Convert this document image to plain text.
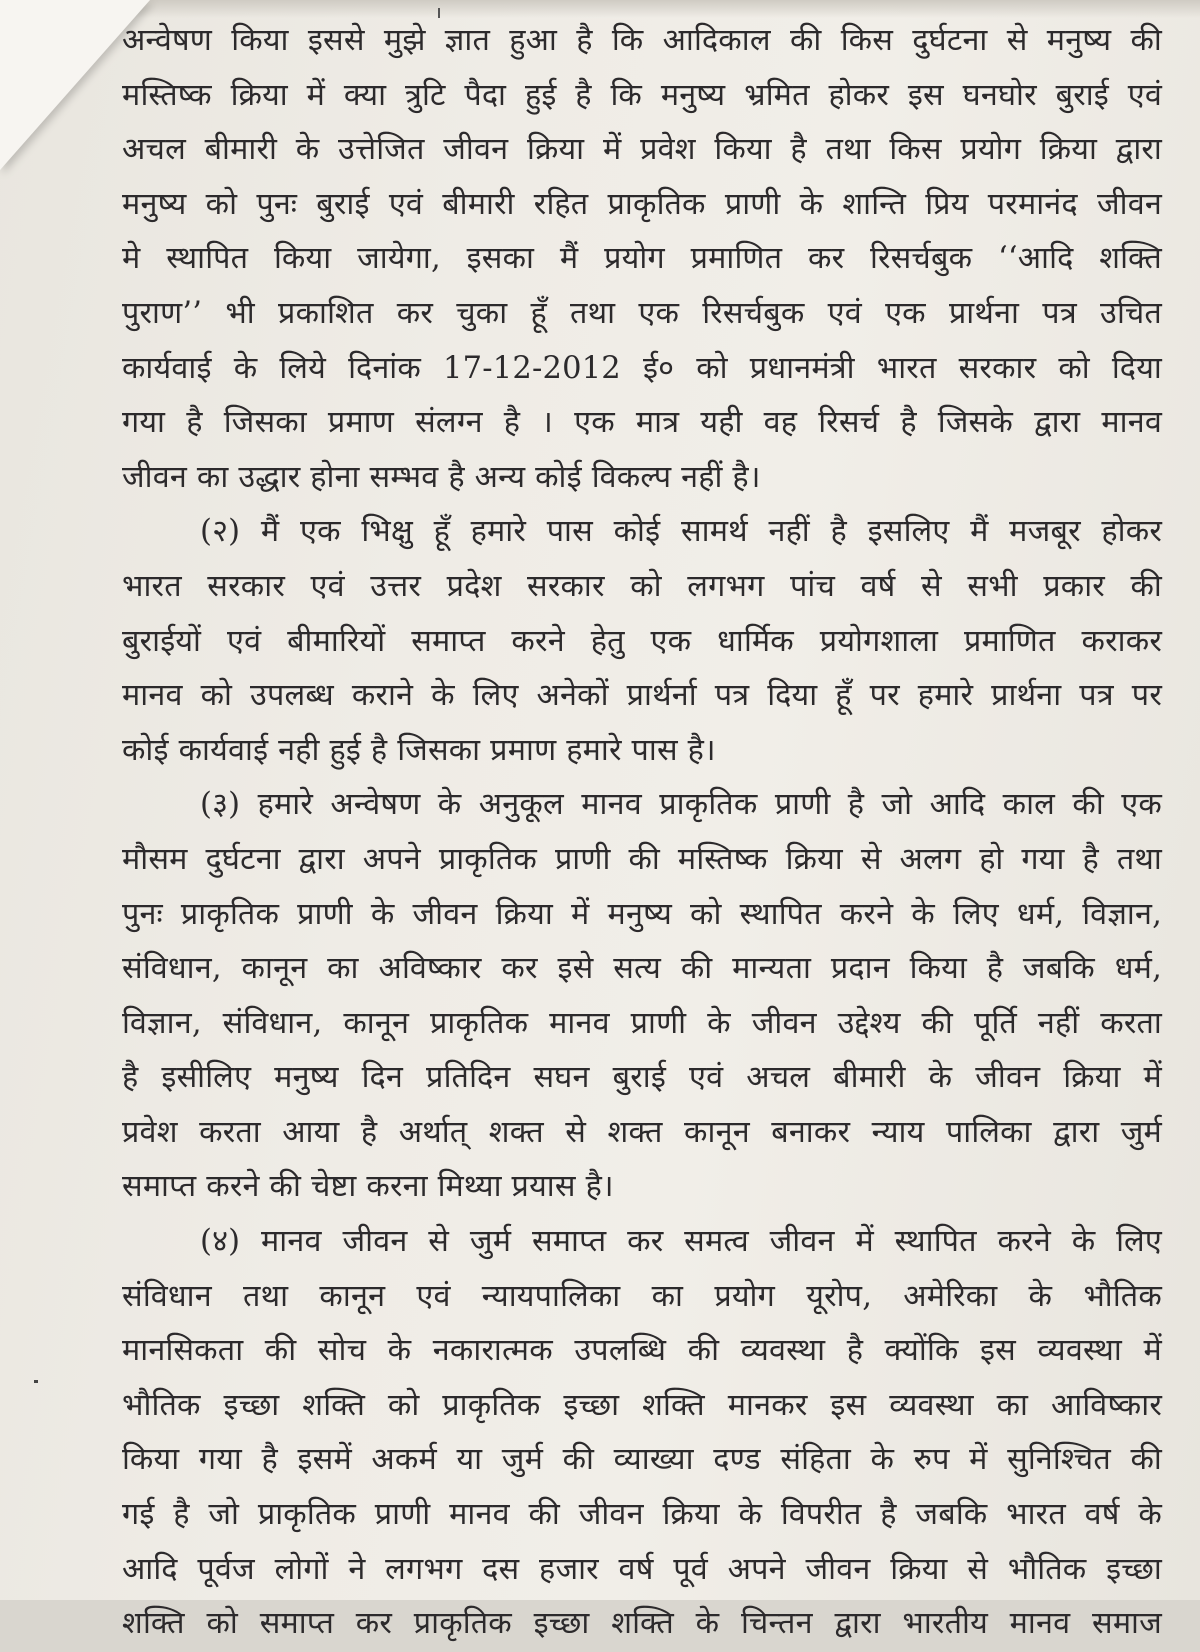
अन्वेषण किया इससे मुझे ज्ञात हुआ है कि आदिकाल की किस दुर्घटना से मनुष्य की
मस्तिष्क क्रिया में क्या त्रुटि पैदा हुई है कि मनुष्य भ्रमित होकर इस घनघोर बुराई एवं
अचल बीमारी के उत्तेजित जीवन क्रिया में प्रवेश किया है तथा किस प्रयोग क्रिया द्वारा
मनुष्य को पुनः बुराई एवं बीमारी रहित प्राकृतिक प्राणी के शान्ति प्रिय परमानंद जीवन
मे स्थापित किया जायेगा, इसका मैं प्रयोग प्रमाणित कर रिसर्चबुक ‘‘आदि शक्ति
पुराण’’ भी प्रकाशित कर चुका हूँ तथा एक रिसर्चबुक एवं एक प्रार्थना पत्र उचित
कार्यवाई के लिये दिनांक 17-12-2012 ई० को प्रधानमंत्री भारत सरकार को दिया
गया है जिसका प्रमाण संलग्न है । एक मात्र यही वह रिसर्च है जिसके द्वारा मानव
जीवन का उद्धार होना सम्भव है अन्य कोई विकल्प नहीं है।
(२) मैं एक भिक्षु हूँ हमारे पास कोई सामर्थ नहीं है इसलिए मैं मजबूर होकर
भारत सरकार एवं उत्तर प्रदेश सरकार को लगभग पांच वर्ष से सभी प्रकार की
बुराईयों एवं बीमारियों समाप्त करने हेतु एक धार्मिक प्रयोगशाला प्रमाणित कराकर
मानव को उपलब्ध कराने के लिए अनेकों प्रार्थर्ना पत्र दिया हूँ पर हमारे प्रार्थना पत्र पर
कोई कार्यवाई नही हुई है जिसका प्रमाण हमारे पास है।
(३) हमारे अन्वेषण के अनुकूल मानव प्राकृतिक प्राणी है जो आदि काल की एक
मौसम दुर्घटना द्वारा अपने प्राकृतिक प्राणी की मस्तिष्क क्रिया से अलग हो गया है तथा
पुनः प्राकृतिक प्राणी के जीवन क्रिया में मनुष्य को स्थापित करने के लिए धर्म, विज्ञान,
संविधान, कानून का अविष्कार कर इसे सत्य की मान्यता प्रदान किया है जबकि धर्म,
विज्ञान, संविधान, कानून प्राकृतिक मानव प्राणी के जीवन उद्देश्य की पूर्ति नहीं करता
है इसीलिए मनुष्य दिन प्रतिदिन सघन बुराई एवं अचल बीमारी के जीवन क्रिया में
प्रवेश करता आया है अर्थात् शक्त से शक्त कानून बनाकर न्याय पालिका द्वारा जुर्म
समाप्त करने की चेष्टा करना मिथ्या प्रयास है।
(४) मानव जीवन से जुर्म समाप्त कर समत्व जीवन में स्थापित करने के लिए
संविधान तथा कानून एवं न्यायपालिका का प्रयोग यूरोप, अमेरिका के भौतिक
मानसिकता की सोच के नकारात्मक उपलब्धि की व्यवस्था है क्योंकि इस व्यवस्था में
भौतिक इच्छा शक्ति को प्राकृतिक इच्छा शक्ति मानकर इस व्यवस्था का आविष्कार
किया गया है इसमें अकर्म या जुर्म की व्याख्या दण्ड संहिता के रुप में सुनिश्चित की
गई है जो प्राकृतिक प्राणी मानव की जीवन क्रिया के विपरीत है जबकि भारत वर्ष के
आदि पूर्वज लोगों ने लगभग दस हजार वर्ष पूर्व अपने जीवन क्रिया से भौतिक इच्छा
शक्ति को समाप्त कर प्राकृतिक इच्छा शक्ति के चिन्तन द्वारा भारतीय मानव समाज
